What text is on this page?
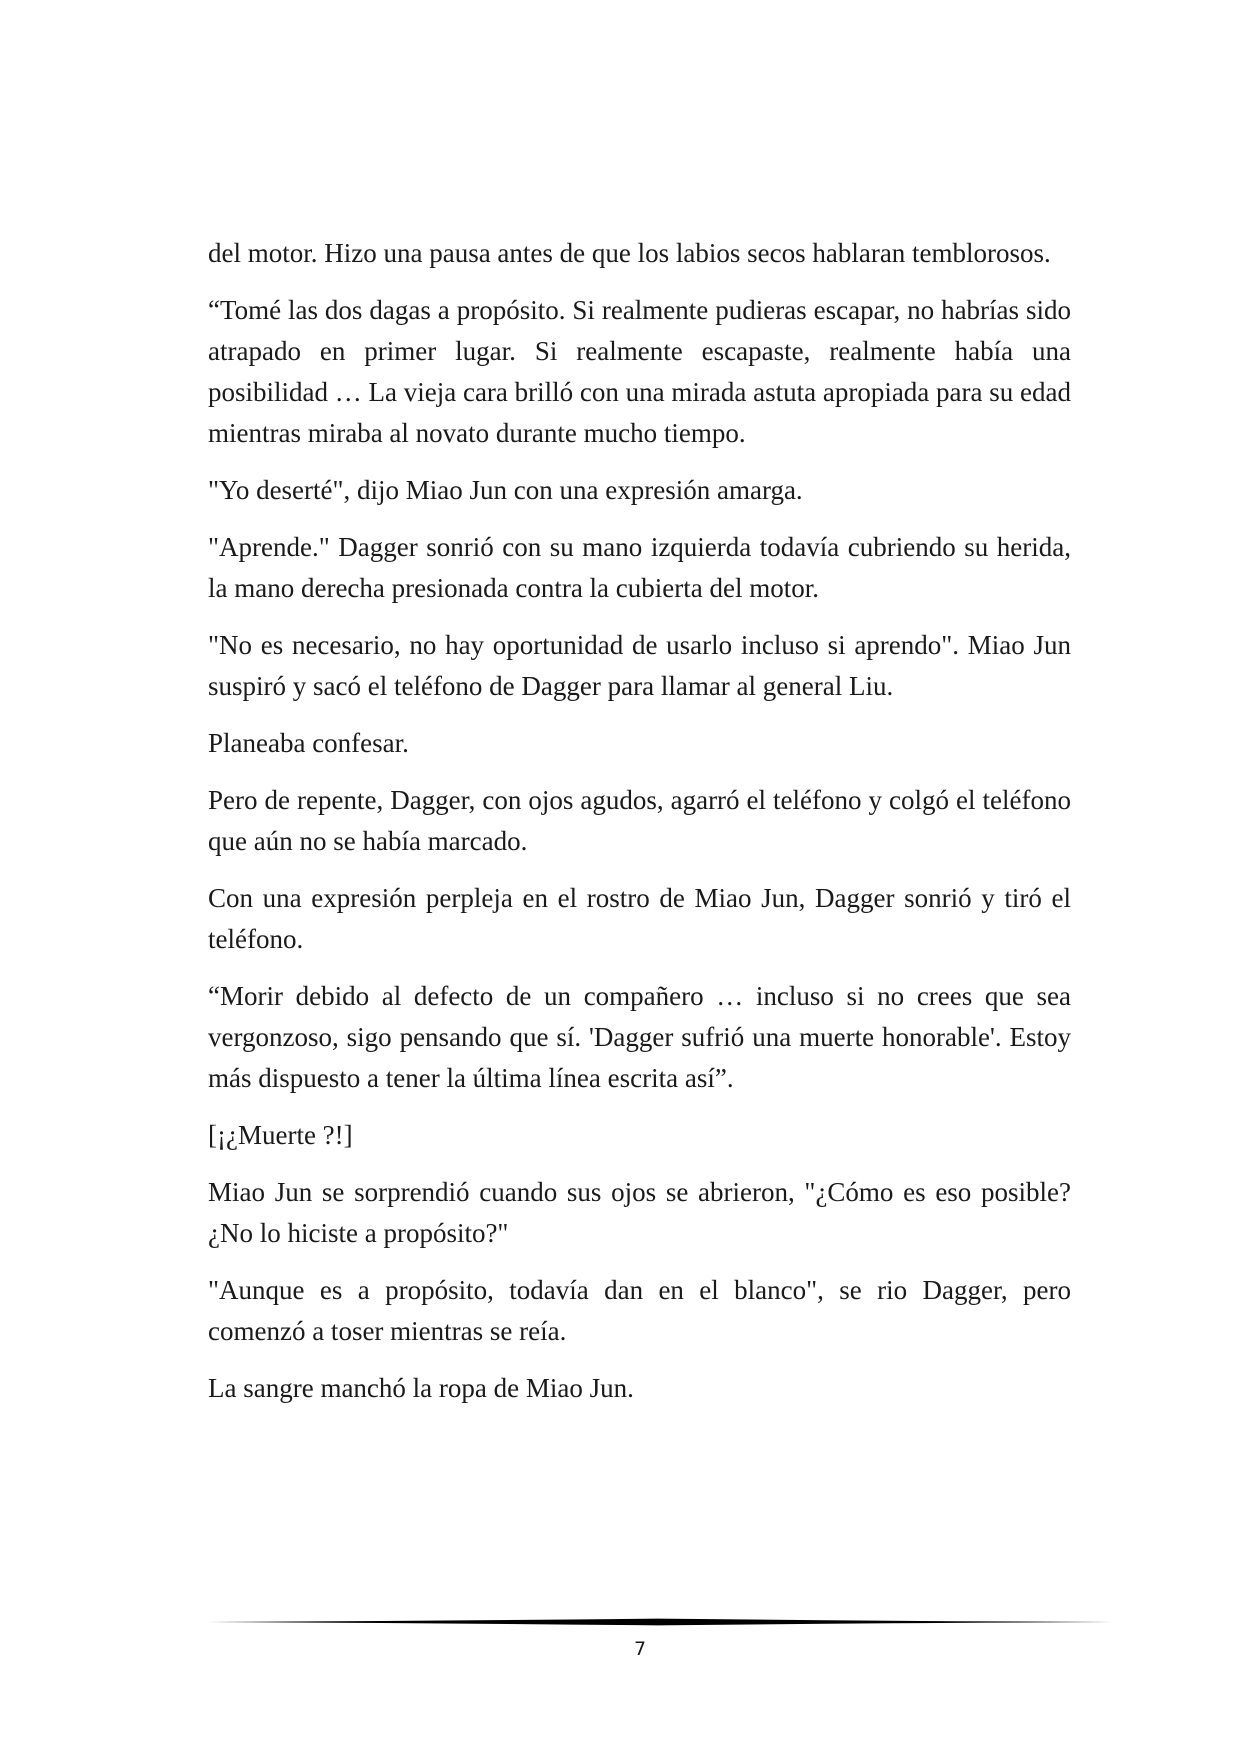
del motor. Hizo una pausa antes de que los labios secos hablaran temblorosos.

“Tomé las dos dagas a propósito. Si realmente pudieras escapar, no habrías sido atrapado en primer lugar. Si realmente escapaste, realmente había una posibilidad … La vieja cara brilló con una mirada astuta apropiada para su edad mientras miraba al novato durante mucho tiempo.

"Yo deserté", dijo Miao Jun con una expresión amarga.

"Aprende." Dagger sonrió con su mano izquierda todavía cubriendo su herida, la mano derecha presionada contra la cubierta del motor.

"No es necesario, no hay oportunidad de usarlo incluso si aprendo". Miao Jun suspiró y sacó el teléfono de Dagger para llamar al general Liu.

Planeaba confesar.

Pero de repente, Dagger, con ojos agudos, agarró el teléfono y colgó el teléfono que aún no se había marcado.

Con una expresión perpleja en el rostro de Miao Jun, Dagger sonrió y tiró el teléfono.

“Morir debido al defecto de un compañero … incluso si no crees que sea vergonzoso, sigo pensando que sí. 'Dagger sufrió una muerte honorable'. Estoy más dispuesto a tener la última línea escrita así”.

[¡¿Muerte ?!]

Miao Jun se sorprendió cuando sus ojos se abrieron, "¿Cómo es eso posible? ¿No lo hiciste a propósito?"

"Aunque es a propósito, todavía dan en el blanco", se rio Dagger, pero comenzó a toser mientras se reía.

La sangre manchó la ropa de Miao Jun.

7
